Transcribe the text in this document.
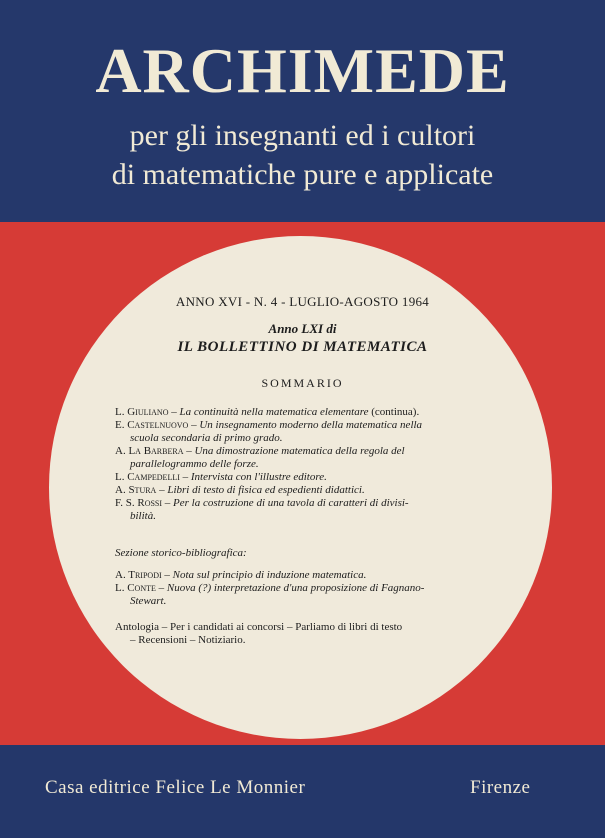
ARCHIMEDE
per gli insegnanti ed i cultori
di matematiche pure e applicate
ANNO XVI - N. 4 - LUGLIO-AGOSTO 1964
Anno LXI di
IL BOLLETTINO DI MATEMATICA
SOMMARIO
L. Giuliano – La continuità nella matematica elementare (continua).
E. Castelnuovo – Un insegnamento moderno della matematica nella
scuola secondaria di primo grado.
A. La Barbera – Una dimostrazione matematica della regola del
parallelogrammo delle forze.
L. Campedelli – Intervista con l'illustre editore.
A. Stura – Libri di testo di fisica ed espedienti didattici.
F. S. Rossi – Per la costruzione di una tavola di caratteri di divisi-
bilità.
Sezione storico-bibliografica:
A. Tripodi – Nota sul principio di induzione matematica.
L. Conte – Nuova (?) interpretazione d'una proposizione di Fagnano-
Stewart.
Antologia – Per i candidati ai concorsi – Parliamo di libri di testo
– Recensioni – Notiziario.
Casa editrice Felice Le Monnier	Firenze
